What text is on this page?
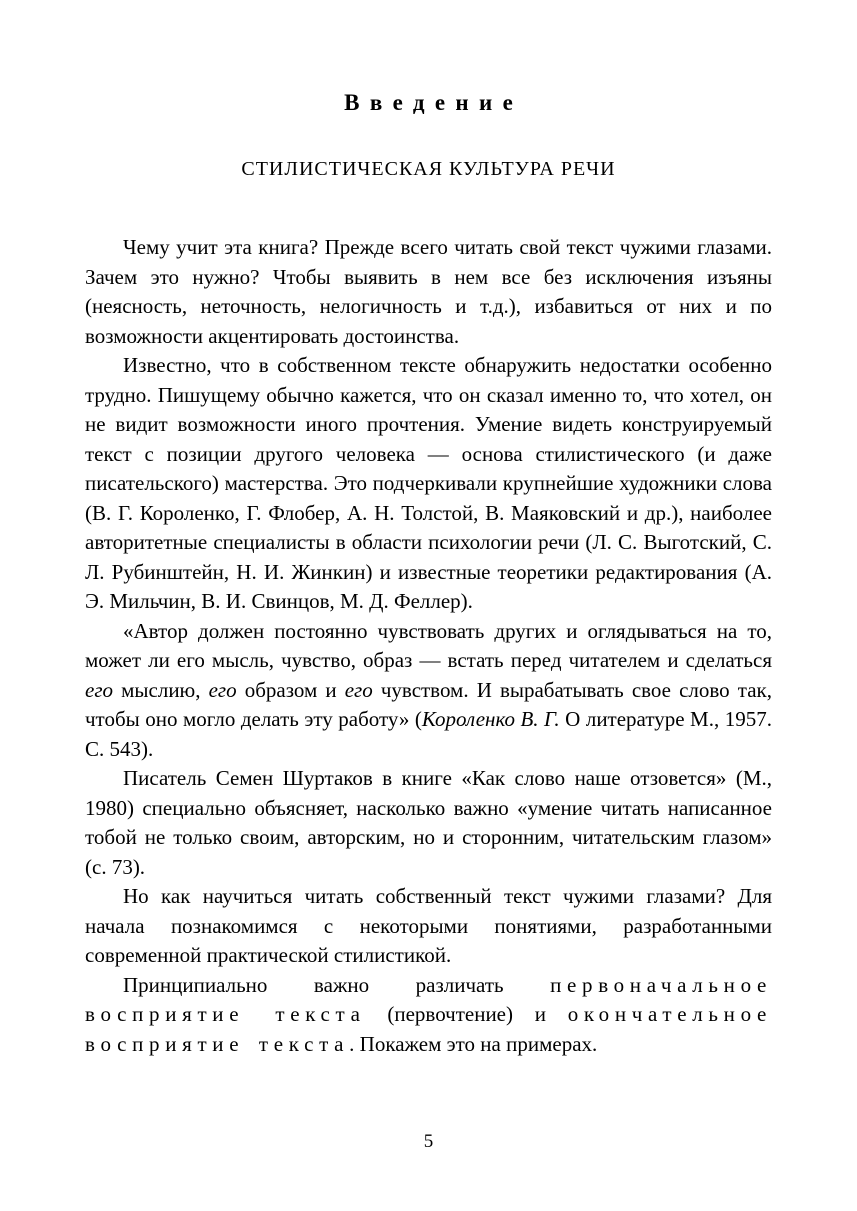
Введение
СТИЛИСТИЧЕСКАЯ КУЛЬТУРА РЕЧИ

Чему учит эта книга? Прежде всего читать свой текст чужими глазами. Зачем это нужно? Чтобы выявить в нем все без исключения изъяны (неясность, неточность, нелогичность и т.д.), избавиться от них и по возможности акцентировать достоинства.

Известно, что в собственном тексте обнаружить недостатки особенно трудно. Пишущему обычно кажется, что он сказал именно то, что хотел, он не видит возможности иного прочтения. Умение видеть конструируемый текст с позиции другого человека — основа стилистического (и даже писательского) мастерства. Это подчеркивали крупнейшие художники слова (В. Г. Короленко, Г. Флобер, А. Н. Толстой, В. Маяковский и др.), наиболее авторитетные специалисты в области психологии речи (Л. С. Выготский, С. Л. Рубинштейн, Н. И. Жинкин) и известные теоретики редактирования (А. Э. Мильчин, В. И. Свинцов, М. Д. Феллер).

«Автор должен постоянно чувствовать других и оглядываться на то, может ли его мысль, чувство, образ — встать перед читателем и сделаться его мыслию, его образом и его чувством. И вырабатывать свое слово так, чтобы оно могло делать эту работу» (Короленко В. Г. О литературе М., 1957. С. 543).

Писатель Семен Шуртаков в книге «Как слово наше отзовется» (М., 1980) специально объясняет, насколько важно «умение читать написанное тобой не только своим, авторским, но и сторонним, читательским глазом» (с. 73).

Но как научиться читать собственный текст чужими глазами? Для начала познакомимся с некоторыми понятиями, разработанными современной практической стилистикой.

Принципиально важно различать первоначальное восприятие текста (первочтение) и окончательное восприятие текста. Покажем это на примерах.

5
